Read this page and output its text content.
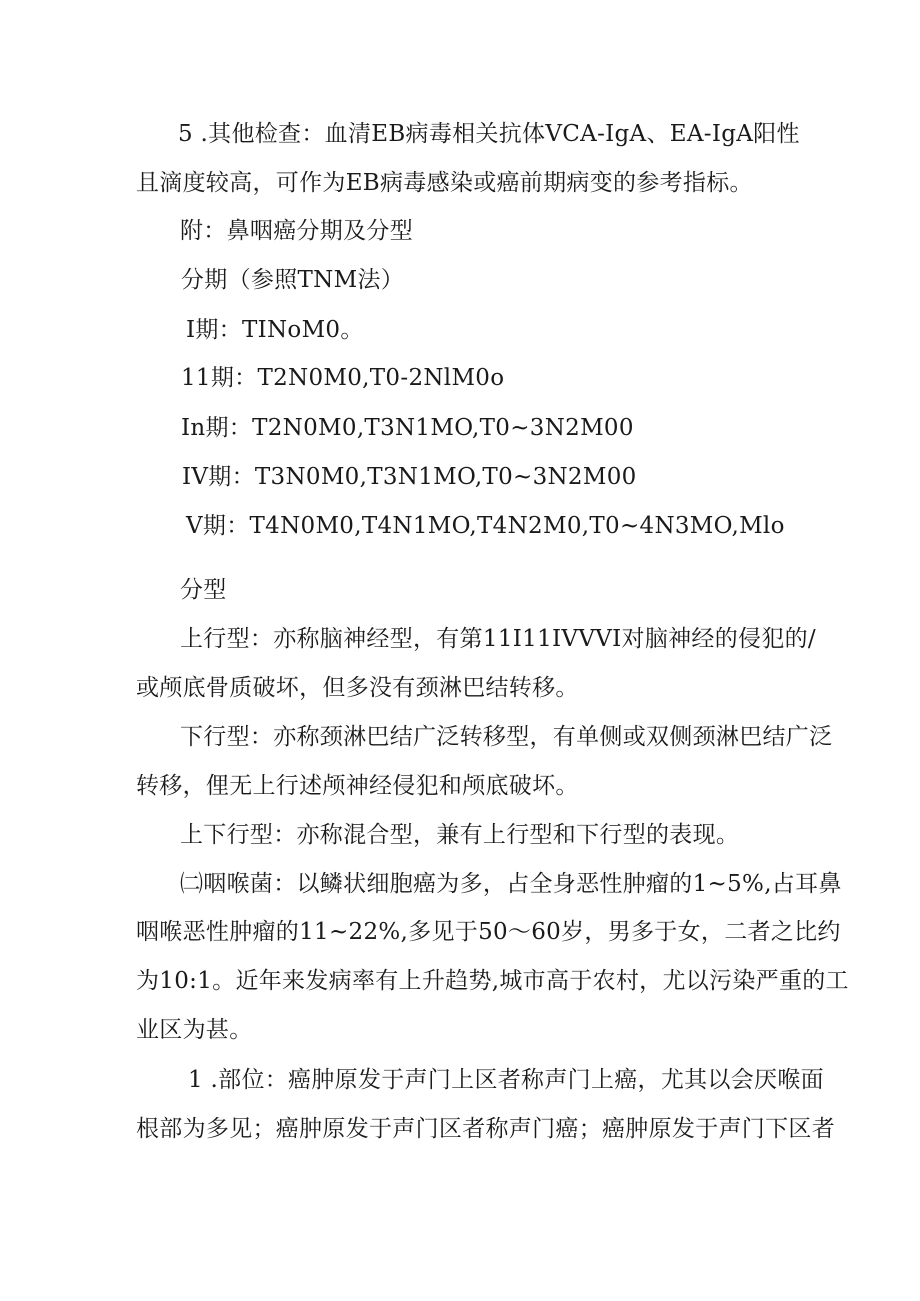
5 .其他检查：血清EB病毒相关抗体VCA-IgA、EA-IgA阳性
且滴度较高，可作为EB病毒感染或癌前期病变的参考指标。
附：鼻咽癌分期及分型
分期（参照TNM法）
I期：TINoM0。
11期：T2N0M0,T0-2NlM0o
In期：T2N0M0,T3N1MO,T0~3N2M00
IV期：T3N0M0,T3N1MO,T0~3N2M00
V期：T4N0M0,T4N1MO,T4N2M0,T0~4N3MO,Mlo
分型
上行型：亦称脑神经型，有第11I11IVVVI对脑神经的侵犯的/
或颅底骨质破坏，但多没有颈淋巴结转移。
下行型：亦称颈淋巴结广泛转移型，有单侧或双侧颈淋巴结广泛
转移，俚无上行述颅神经侵犯和颅底破坏。
上下行型：亦称混合型，兼有上行型和下行型的表现。
㈡咽喉菌：以鳞状细胞癌为多，占全身恶性肿瘤的1~5%,占耳鼻
咽喉恶性肿瘤的11~22%,多见于50～60岁，男多于女，二者之比约
为10:1。近年来发病率有上升趋势,城市高于农村，尤以污染严重的工
业区为甚。
1 .部位：癌肿原发于声门上区者称声门上癌，尤其以会厌喉面
根部为多见；癌肿原发于声门区者称声门癌；癌肿原发于声门下区者
